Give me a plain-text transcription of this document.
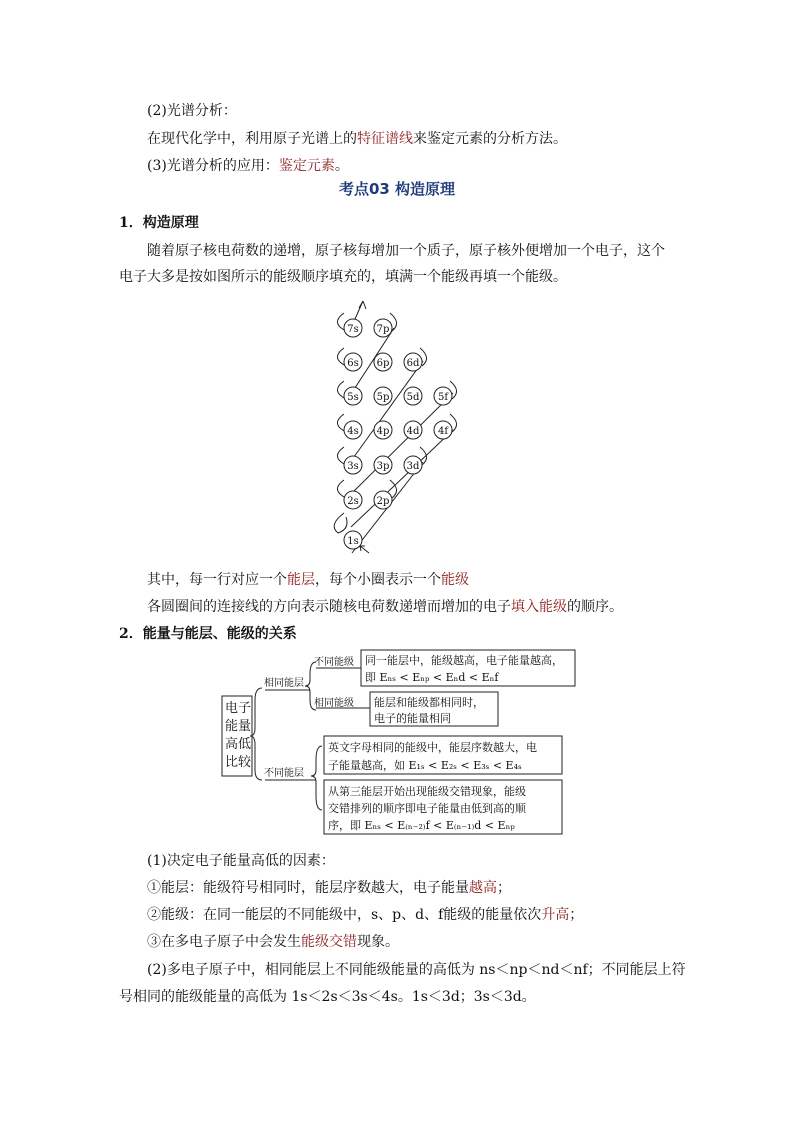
(2)光谱分析：
在现代化学中，利用原子光谱上的特征谱线来鉴定元素的分析方法。
(3)光谱分析的应用：鉴定元素。
考点03 构造原理
1．构造原理
随着原子核电荷数的递增，原子核每增加一个质子，原子核外便增加一个电子，这个
电子大多是按如图所示的能级顺序填充的，填满一个能级再填一个能级。
7s 7p
6s 6p 6d
5s 5p 5d 5f
4s 4p 4d 4f
3s 3p 3d
2s 2p
1s
其中，每一行对应一个能层，每个小圈表示一个能级
各圆圈间的连接线的方向表示随核电荷数递增而增加的电子填入能级的顺序。
2．能量与能层、能级的关系
电子
能量
高低
比较
相同能层
不同能层
不同能级
相同能级
同一能层中，能级越高，电子能量越高，
即 Eₙₛ < Eₙₚ < Eₙd < Eₙf
能层和能级都相同时，
电子的能量相同
英文字母相同的能级中，能层序数越大，电
子能量越高，如 E₁ₛ < E₂ₛ < E₃ₛ < E₄ₛ
从第三能层开始出现能级交错现象，能级
交错排列的顺序即电子能量由低到高的顺
序，即 Eₙₛ < E₍ₙ₋₂₎f < E₍ₙ₋₁₎d < Eₙₚ
(1)决定电子能量高低的因素：
①能层：能级符号相同时，能层序数越大，电子能量越高；
②能级：在同一能层的不同能级中，s、p、d、f能级的能量依次升高；
③在多电子原子中会发生能级交错现象。
(2)多电子原子中，相同能层上不同能级能量的高低为 ns＜np＜nd＜nf；不同能层上符
号相同的能级能量的高低为 1s＜2s＜3s＜4s。1s＜3d；3s＜3d。
